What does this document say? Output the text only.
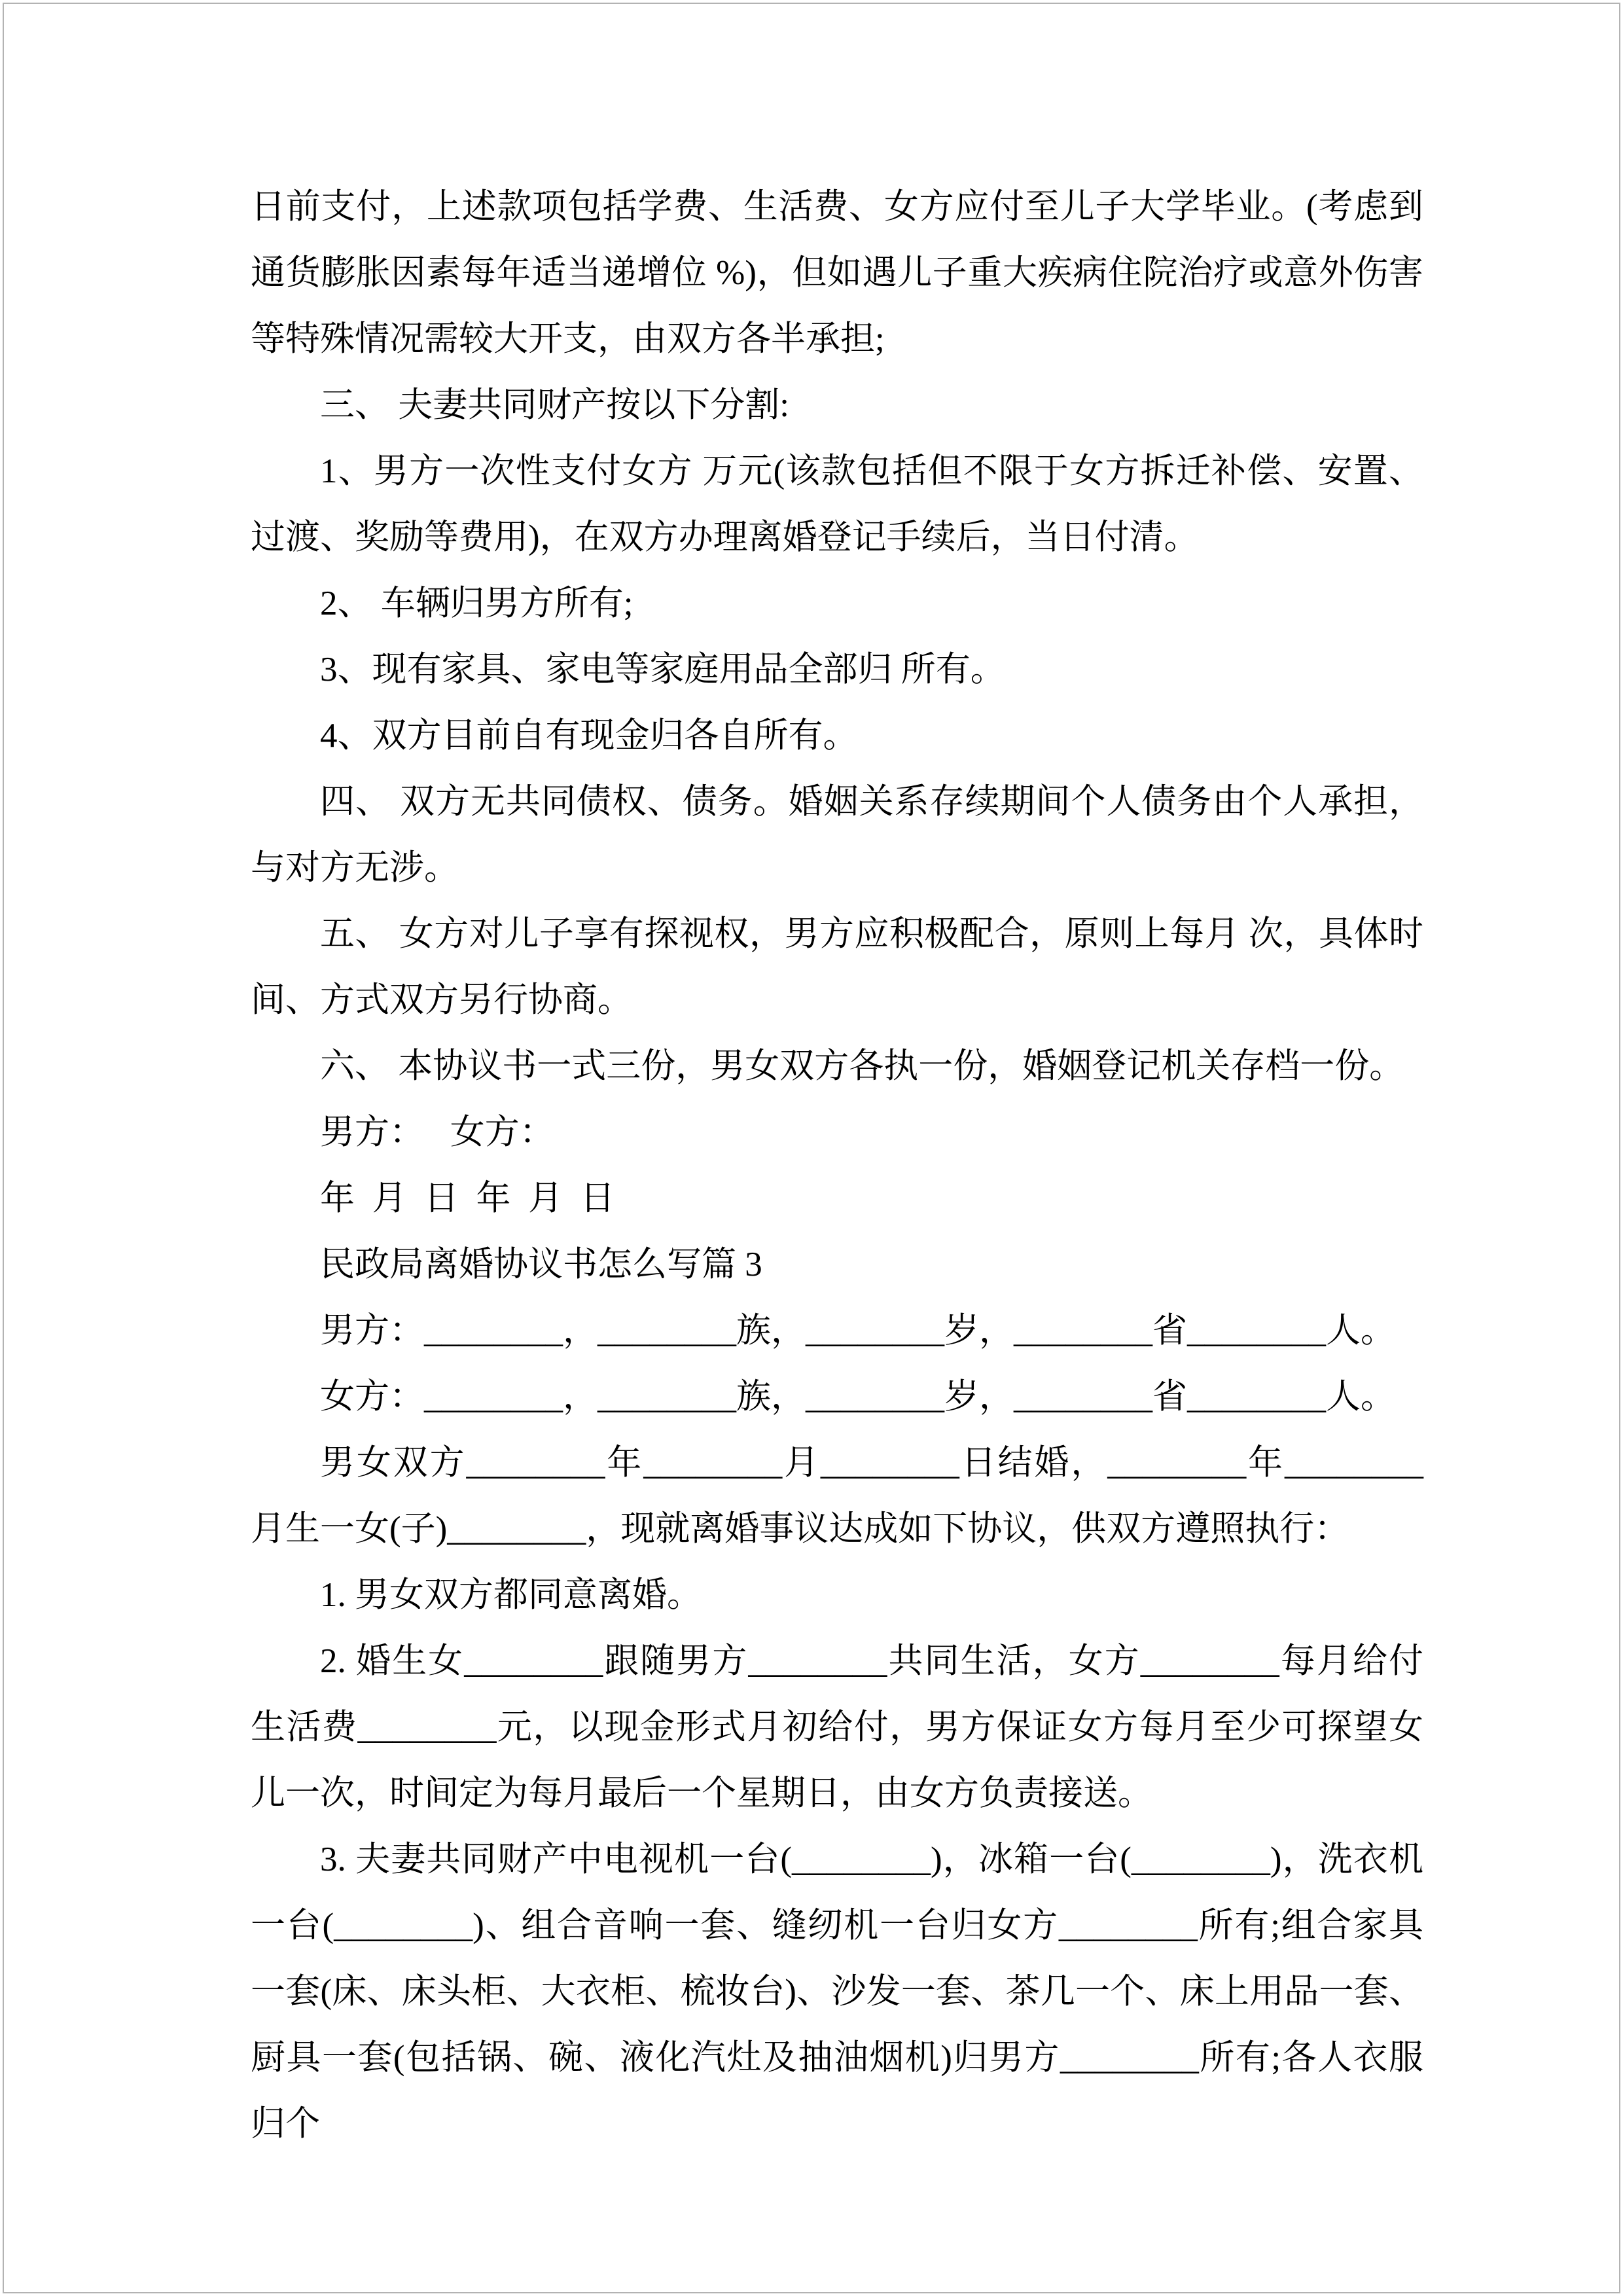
日前支付，上述款项包括学费、生活费、女方应付至儿子大学毕业。(考虑到通货膨胀因素每年适当递增位 %)，但如遇儿子重大疾病住院治疗或意外伤害等特殊情况需较大开支，由双方各半承担;

三、 夫妻共同财产按以下分割:

1、男方一次性支付女方 万元(该款包括但不限于女方拆迁补偿、安置、过渡、奖励等费用)，在双方办理离婚登记手续后，当日付清。

2、 车辆归男方所有;

3、现有家具、家电等家庭用品全部归 所有。

4、双方目前自有现金归各自所有。

四、 双方无共同债权、债务。婚姻关系存续期间个人债务由个人承担，与对方无涉。

五、 女方对儿子享有探视权，男方应积极配合，原则上每月 次，具体时间、方式双方另行协商。

六、 本协议书一式三份，男女双方各执一份，婚姻登记机关存档一份。

男方：   女方：

年  月  日  年  月  日

民政局离婚协议书怎么写篇 3

男方：________，________族，________岁，________省________人。

女方：________，________族，________岁，________省________人。

男女双方________年________月________日结婚，________年________月生一女(子)________，现就离婚事议达成如下协议，供双方遵照执行：

1. 男女双方都同意离婚。

2. 婚生女________跟随男方________共同生活，女方________每月给付生活费________元，以现金形式月初给付，男方保证女方每月至少可探望女儿一次，时间定为每月最后一个星期日，由女方负责接送。

3. 夫妻共同财产中电视机一台(________)，冰箱一台(________)，洗衣机一台(________)、组合音响一套、缝纫机一台归女方________所有;组合家具一套(床、床头柜、大衣柜、梳妆台)、沙发一套、茶几一个、床上用品一套、厨具一套(包括锅、碗、液化汽灶及抽油烟机)归男方________所有;各人衣服归个
